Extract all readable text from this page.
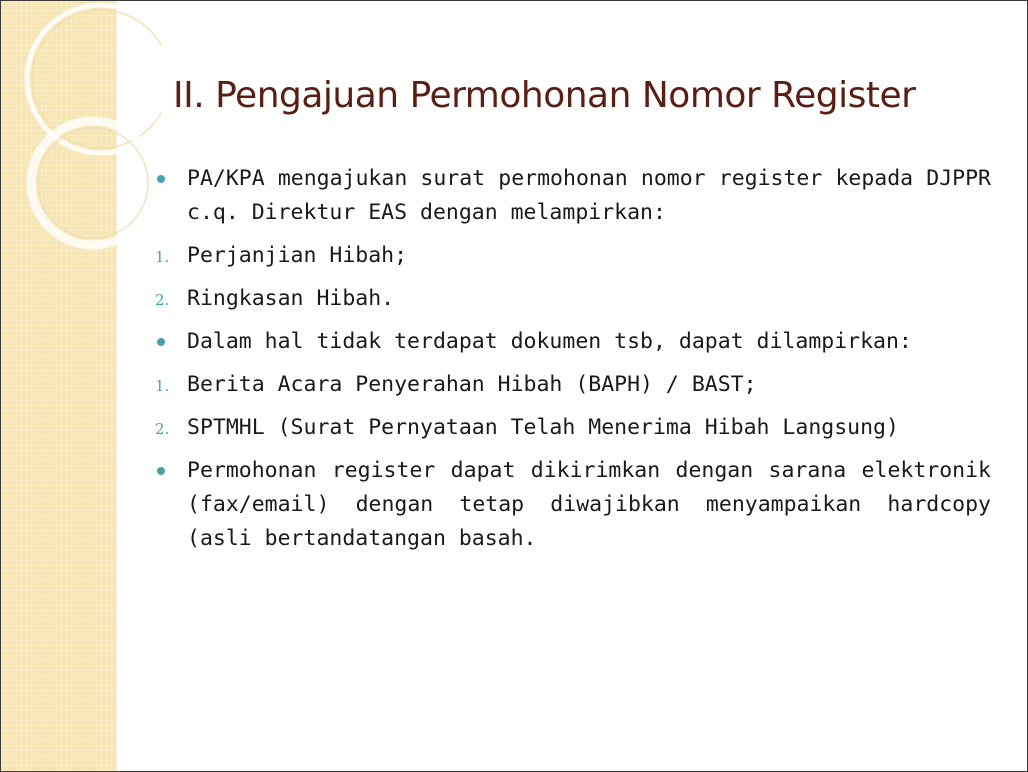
II. Pengajuan Permohonan Nomor Register
PA/KPA mengajukan surat permohonan nomor register kepada DJPPR c.q. Direktur EAS dengan melampirkan:
1. Perjanjian Hibah;
2. Ringkasan Hibah.
Dalam hal tidak terdapat dokumen tsb, dapat dilampirkan:
1. Berita Acara Penyerahan Hibah (BAPH) / BAST;
2. SPTMHL (Surat Pernyataan Telah Menerima Hibah Langsung)
Permohonan register dapat dikirimkan dengan sarana elektronik (fax/email) dengan tetap diwajibkan menyampaikan hardcopy (asli bertandatangan basah.
